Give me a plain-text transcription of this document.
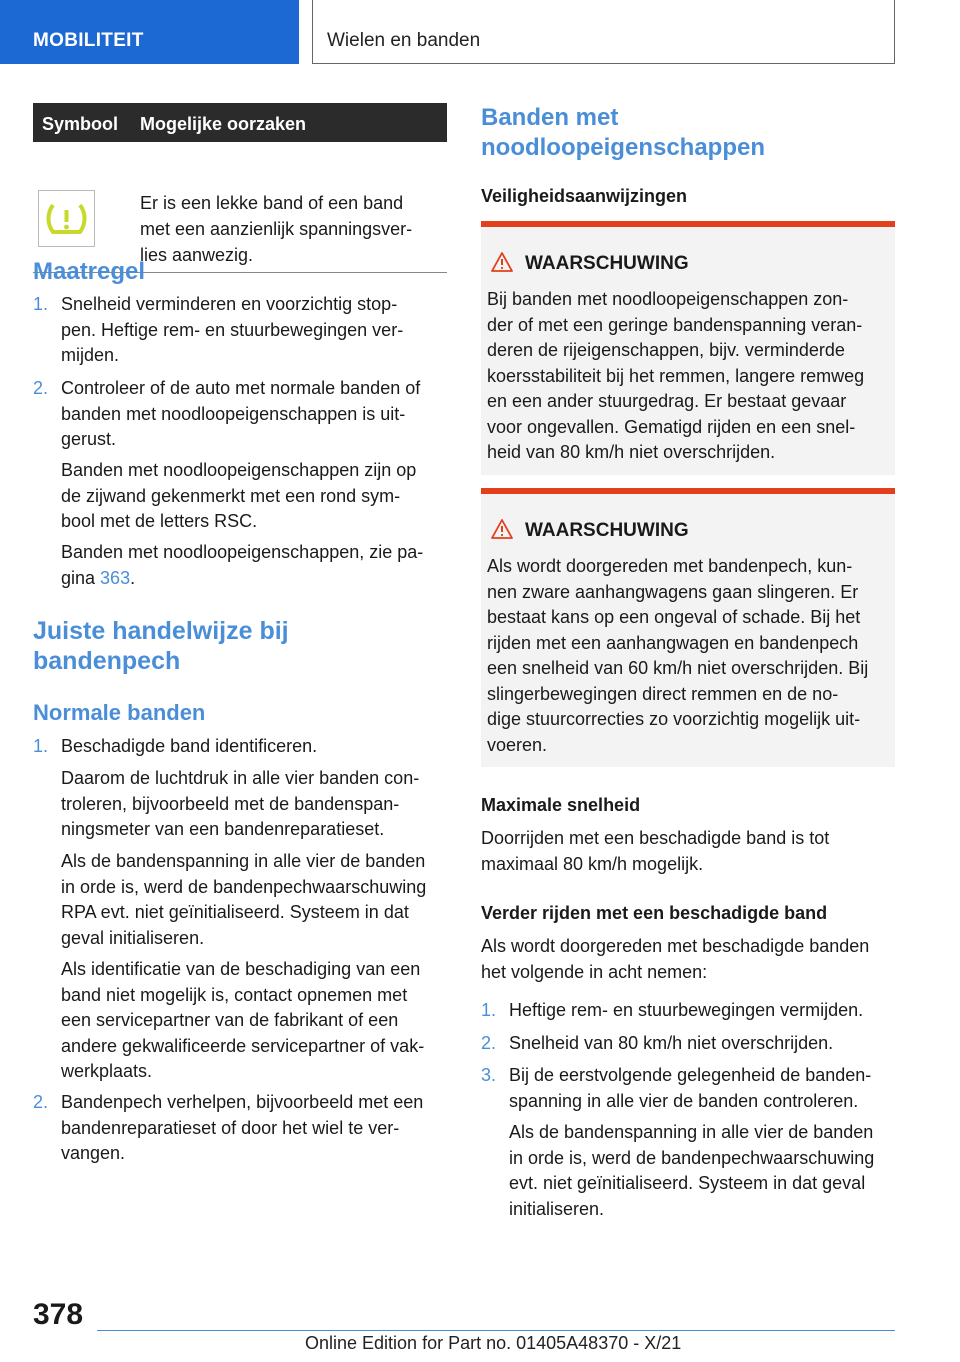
MOBILITEIT	Wielen en banden
Symbool Mogelijke oorzaken
Er is een lekke band of een band
met een aanzienlijk spanningsver-
lies aanwezig.
Maatregel
1. Snelheid verminderen en voorzichtig stop-
pen. Heftige rem- en stuurbewegingen ver-
mijden.
2. Controleer of de auto met normale banden of
banden met noodloopeigenschappen is uit-
gerust.
Banden met noodloopeigenschappen zijn op
de zijwand gekenmerkt met een rond sym-
bool met de letters RSC.
Banden met noodloopeigenschappen, zie pa-
gina 363.
Juiste handelwijze bij
bandenpech
Normale banden
1. Beschadigde band identificeren.
Daarom de luchtdruk in alle vier banden con-
troleren, bijvoorbeeld met de bandenspan-
ningsmeter van een bandenreparatieset.
Als de bandenspanning in alle vier de banden
in orde is, werd de bandenpechwaarschuwing
RPA evt. niet geïnitialiseerd. Systeem in dat
geval initialiseren.
Als identificatie van de beschadiging van een
band niet mogelijk is, contact opnemen met
een servicepartner van de fabrikant of een
andere gekwalificeerde servicepartner of vak-
werkplaats.
2. Bandenpech verhelpen, bijvoorbeeld met een
bandenreparatieset of door het wiel te ver-
vangen.
Banden met
noodloopeigenschappen
Veiligheidsaanwijzingen
WAARSCHUWING
Bij banden met noodloopeigenschappen zon-
der of met een geringe bandenspanning veran-
deren de rijeigenschappen, bijv. verminderde
koersstabiliteit bij het remmen, langere remweg
en een ander stuurgedrag. Er bestaat gevaar
voor ongevallen. Gematigd rijden en een snel-
heid van 80 km/h niet overschrijden.
WAARSCHUWING
Als wordt doorgereden met bandenpech, kun-
nen zware aanhangwagens gaan slingeren. Er
bestaat kans op een ongeval of schade. Bij het
rijden met een aanhangwagen en bandenpech
een snelheid van 60 km/h niet overschrijden. Bij
slingerbewegingen direct remmen en de no-
dige stuurcorrecties zo voorzichtig mogelijk uit-
voeren.
Maximale snelheid
Doorrijden met een beschadigde band is tot
maximaal 80 km/h mogelijk.
Verder rijden met een beschadigde band
Als wordt doorgereden met beschadigde banden
het volgende in acht nemen:
1. Heftige rem- en stuurbewegingen vermijden.
2. Snelheid van 80 km/h niet overschrijden.
3. Bij de eerstvolgende gelegenheid de banden-
spanning in alle vier de banden controleren.
Als de bandenspanning in alle vier de banden
in orde is, werd de bandenpechwaarschuwing
evt. niet geïnitialiseerd. Systeem in dat geval
initialiseren.
378
Online Edition for Part no. 01405A48370 - X/21
